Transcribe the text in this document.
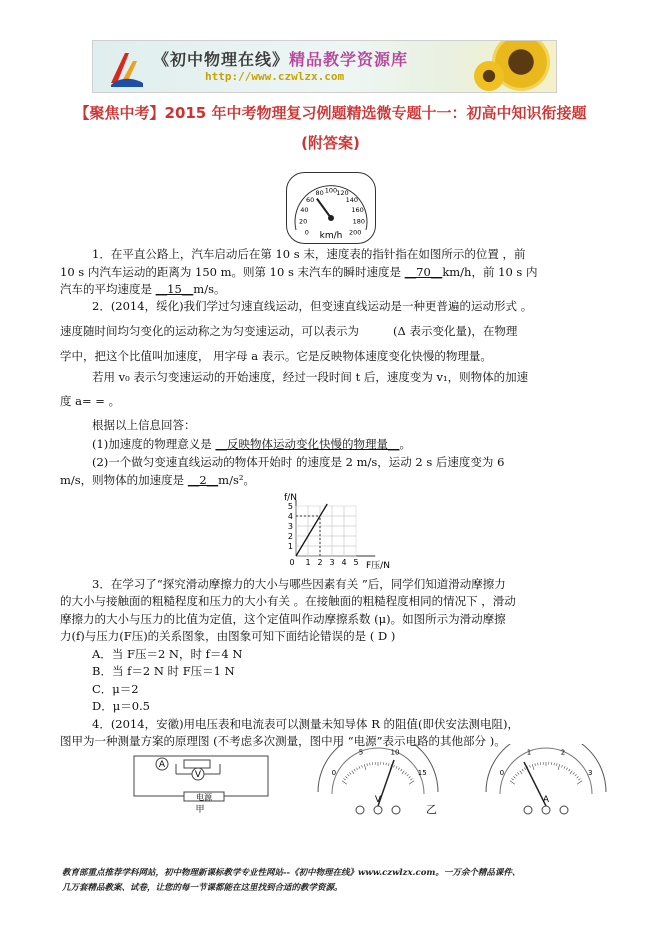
《初中物理在线》精品教学资源库
http://www.czwlzx.com
【聚焦中考】2015 年中考物理复习例题精选微专题十一：初高中知识衔接题
(附答案)
0
20
40
60
80 100
120
140
160
180
200
km/h
1．在平直公路上，汽车启动后在第 10 s 末，速度表的指针指在如图所示的位置 ，前
10 s 内汽车运动的距离为 150 m。则第 10 s 末汽车的瞬时速度是 __70__km/h，前 10 s 内
汽车的平均速度是 __15__m/s。
2．(2014，绥化)我们学过匀速直线运动，但变速直线运动是一种更普遍的运动形式 。
速度随时间均匀变化的运动称之为匀变速运动，可以表示为	(Δ 表示变化量)，在物理
学中，把这个比值叫加速度， 用字母 a 表示。它是反映物体速度变化快慢的物理量。
若用 v₀ 表示匀变速运动的开始速度，经过一段时间 t 后，速度变为 v₁，则物体的加速
度 a= = 。
根据以上信息回答：
(1)加速度的物理意义是 __反映物体运动变化快慢的物理量__。
(2)一个做匀变速直线运动的物体开始时 的速度是 2 m/s，运动 2 s 后速度变为 6
m/s，则物体的加速度是 __2__m/s²。
f/N
F压/N
0 1 2 3 4 5
1
2
3
4
5
3．在学习了“探究滑动摩擦力的大小与哪些因素有关 ”后，同学们知道滑动摩擦力
的大小与接触面的粗糙程度和压力的大小有关 。在接触面的粗糙程度相同的情况下 ，滑动
摩擦力的大小与压力的比值为定值，这个定值叫作动摩擦系数 (μ)。如图所示为滑动摩擦
力(f)与压力(F压)的关系图象，由图象可知下面结论错误的是 ( D )
A．当 F压＝2 N，时 f＝4 N
B．当 f＝2 N 时 F压＝1 N
C．μ＝2
D．μ＝0.5
4．(2014，安徽)用电压表和电流表可以测量未知导体 R 的阻值(即伏安法测电阻)，
图甲为一种测量方案的原理图 (不考虑多次测量，图中用 “电源”表示电路的其他部分 )。
A
V
电源
甲
0
5	10
15
V
0
1	2
3
A
乙
教育部重点推荐学科网站，初中物理新课标教学专业性网站--《初中物理在线》www.czwlzx.com。一万余个精品课件、
几万套精品教案、试卷，让您的每一节课都能在这里找到合适的教学资源。
